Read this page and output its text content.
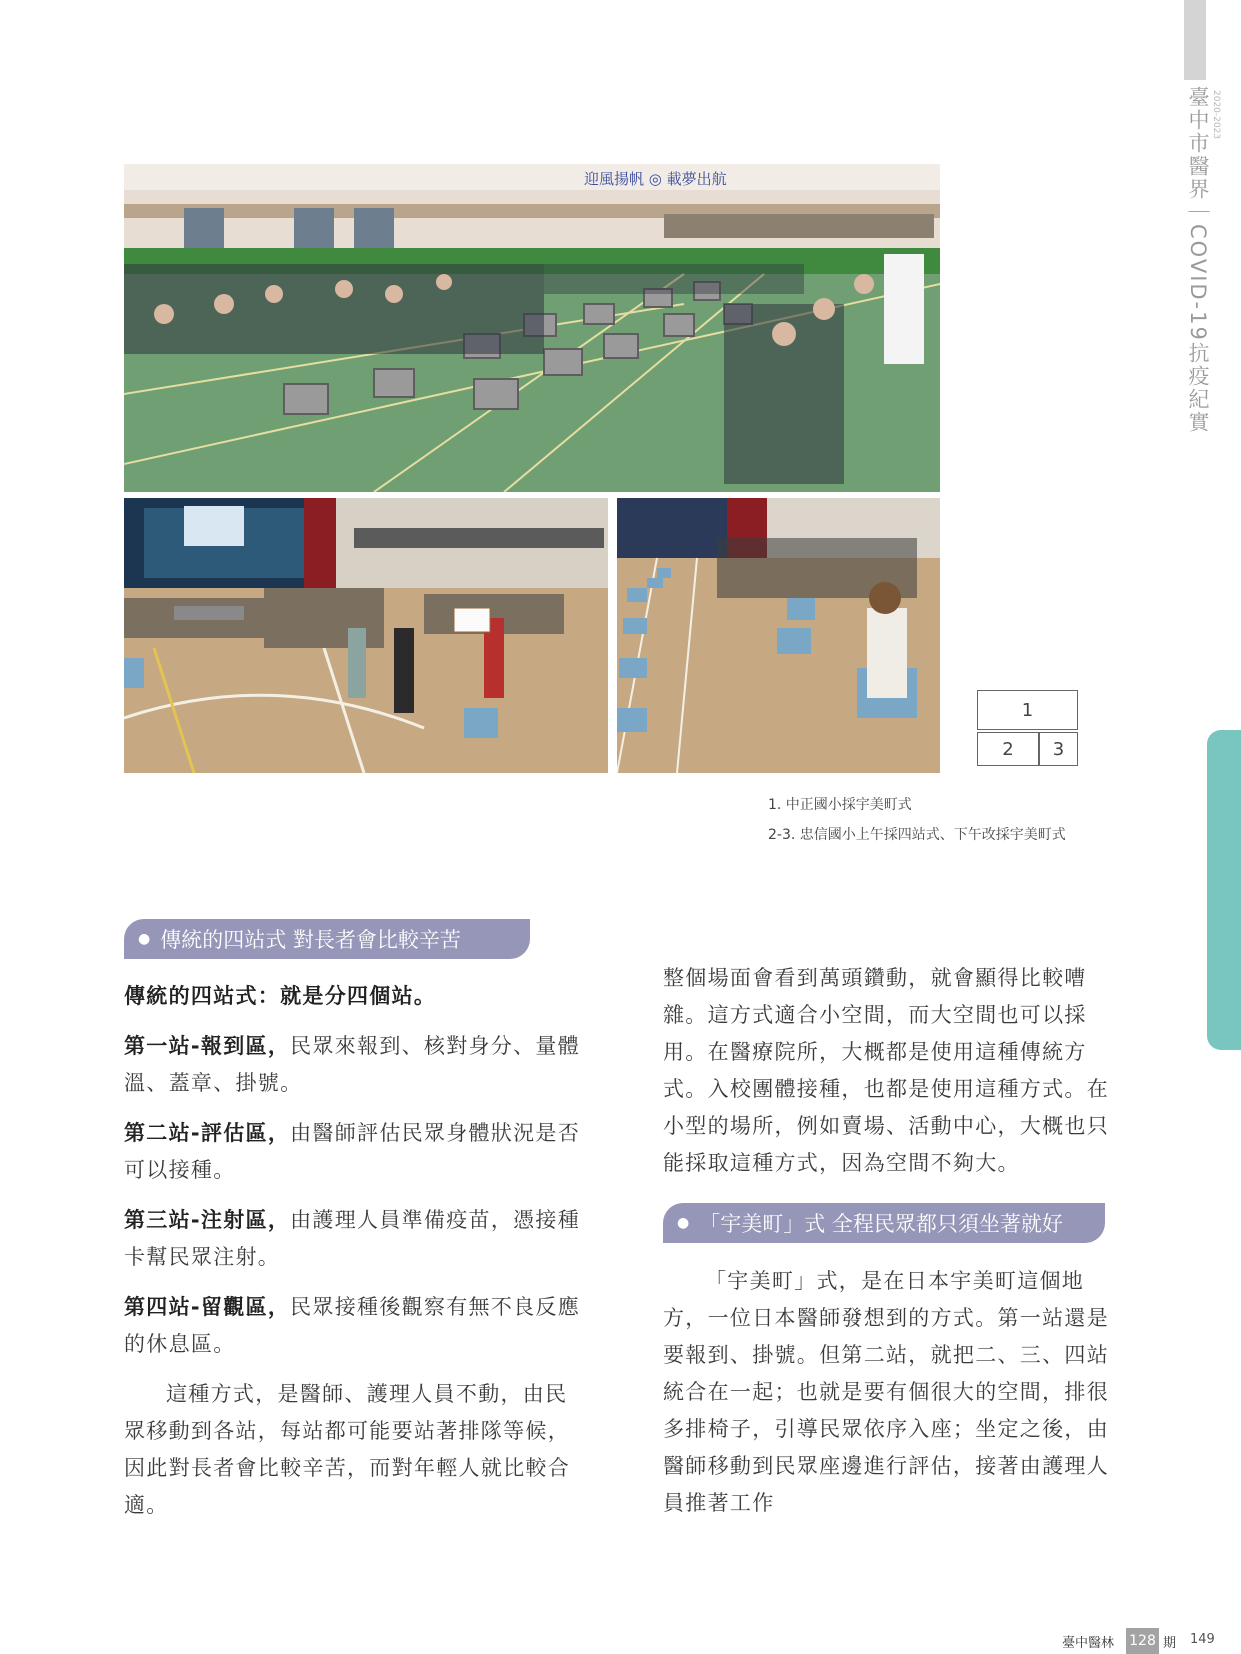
臺中市醫界｜COVID-19抗疫紀實 2020-2023
迎風揚帆 ◎ 載夢出航
1
2	3
1. 中正國小採宇美町式
2-3. 忠信國小上午採四站式、下午改採宇美町式
● 傳統的四站式 對長者會比較辛苦

傳統的四站式：就是分四個站。

第一站-報到區，民眾來報到、核對身分、量體溫、蓋章、掛號。

第二站-評估區，由醫師評估民眾身體狀況是否可以接種。

第三站-注射區，由護理人員準備疫苗，憑接種卡幫民眾注射。

第四站-留觀區，民眾接種後觀察有無不良反應的休息區。

這種方式，是醫師、護理人員不動，由民眾移動到各站，每站都可能要站著排隊等候，因此對長者會比較辛苦，而對年輕人就比較合適。

整個場面會看到萬頭鑽動，就會顯得比較嘈雜。這方式適合小空間，而大空間也可以採用。在醫療院所，大概都是使用這種傳統方式。入校團體接種，也都是使用這種方式。在小型的場所，例如賣場、活動中心，大概也只能採取這種方式，因為空間不夠大。
● 「宇美町」式 全程民眾都只須坐著就好
「宇美町」式，是在日本宇美町這個地方，一位日本醫師發想到的方式。第一站還是要報到、掛號。但第二站，就把二、三、四站統合在一起；也就是要有個很大的空間，排很多排椅子，引導民眾依序入座；坐定之後，由醫師移動到民眾座邊進行評估，接著由護理人員推著工作
臺中醫林 128 期 149
